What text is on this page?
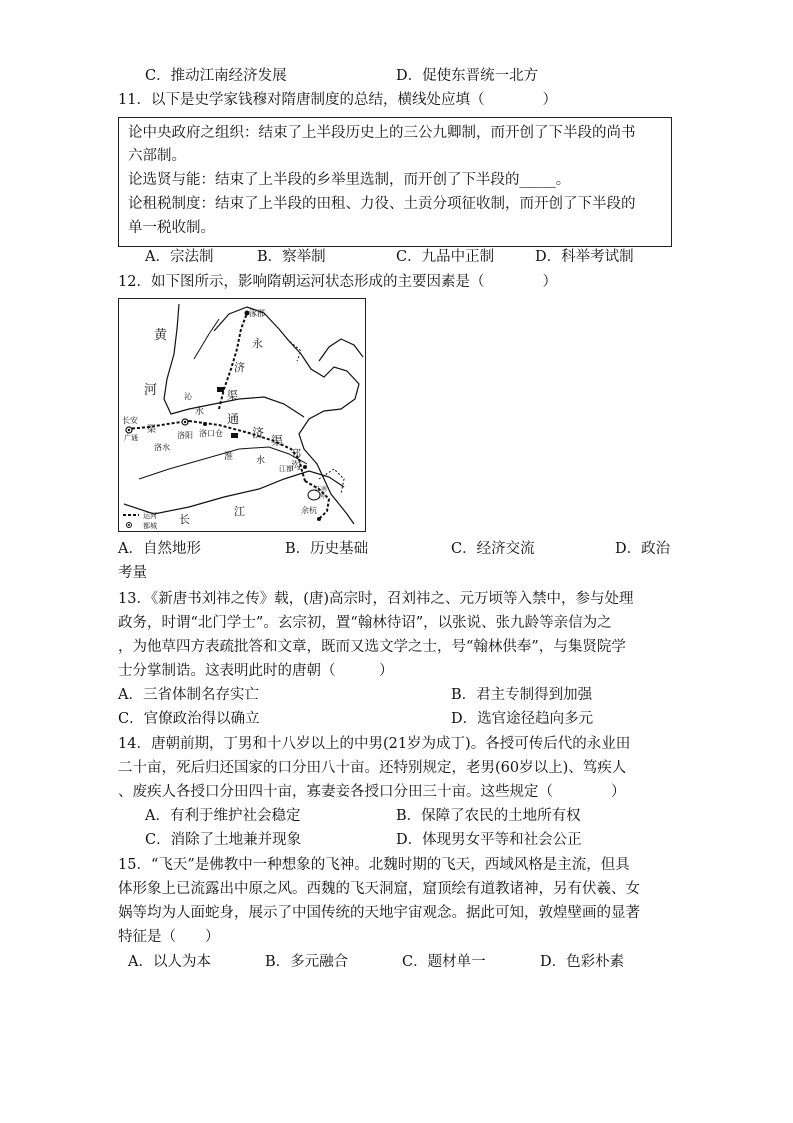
C．推动江南经济发展	D．促使东晋统一北方
11．以下是史学家钱穆对隋唐制度的总结，横线处应填（　　　　）
论中央政府之组织：结束了上半段历史上的三公九卿制，而开创了下半段的尚书
六部制。
论选贤与能：结束了上半段的乡举里选制，而开创了下半段的_____。
论租税制度：结束了上半段的田租、力役、土贡分项征收制，而开创了下半段的
单一税收制。
A．宗法制	B．察举制	C．九品中正制	D．科举考试制
12．如下图所示，影响隋朝运河状态形成的主要因素是（　　　　）
黄
河
涿郡
永
济
渠
沁
水
长安
广通
渠
洛阳
洛水
洛口仓
通
济
渠
淮	水
邗
沟
江都
江南
河
长
江	余杭
运河
都城
A．自然地形	B．历史基础	C．经济交流	D．政治
考量
13．《新唐书刘祎之传》载，(唐)高宗时，召刘祎之、元万顷等入禁中，参与处理
政务，时谓“北门学士”。玄宗初，置“翰林待诏”，以张说、张九龄等亲信为之
，为他草四方表疏批答和文章，既而又选文学之士，号“翰林供奉”，与集贤院学
士分掌制诰。这表明此时的唐朝（　　　）
A．三省体制名存实亡	B．君主专制得到加强
C．官僚政治得以确立	D．选官途径趋向多元
14．唐朝前期，丁男和十八岁以上的中男(21岁为成丁)。各授可传后代的永业田
二十亩，死后归还国家的口分田八十亩。还特别规定，老男(60岁以上)、笃疾人
、废疾人各授口分田四十亩，寡妻妾各授口分田三十亩。这些规定（　　　　）
A．有利于维护社会稳定	B．保障了农民的土地所有权
C．消除了土地兼并现象	D．体现男女平等和社会公正
15．“飞天”是佛教中一种想象的飞神。北魏时期的飞天，西域风格是主流，但具
体形象上已流露出中原之风。西魏的飞天洞窟，窟顶绘有道教诸神，另有伏羲、女
娲等均为人面蛇身，展示了中国传统的天地宇宙观念。据此可知，敦煌壁画的显著
特征是（　　）
A．以人为本	B．多元融合	C．题材单一	D．色彩朴素
